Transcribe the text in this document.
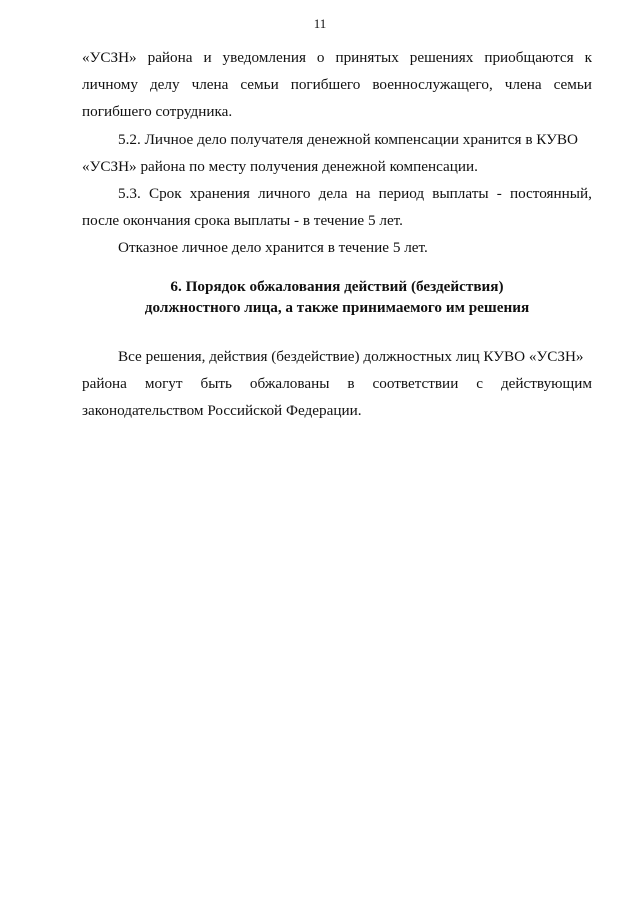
11

«УСЗН» района и уведомления о принятых решениях приобщаются к
личному делу члена семьи погибшего военнослужащего, члена семьи
погибшего сотрудника.

5.2. Личное дело получателя денежной компенсации хранится в КУВО
«УСЗН» района по месту получения денежной компенсации.

5.3. Срок хранения личного дела на период выплаты - постоянный,
после окончания срока выплаты - в течение 5 лет.

Отказное личное дело хранится в течение 5 лет.

6. Порядок обжалования действий (бездействия)
должностного лица, а также принимаемого им решения

Все решения, действия (бездействие) должностных лиц КУВО «УСЗН»
района могут быть обжалованы в соответствии с действующим
законодательством Российской Федерации.
